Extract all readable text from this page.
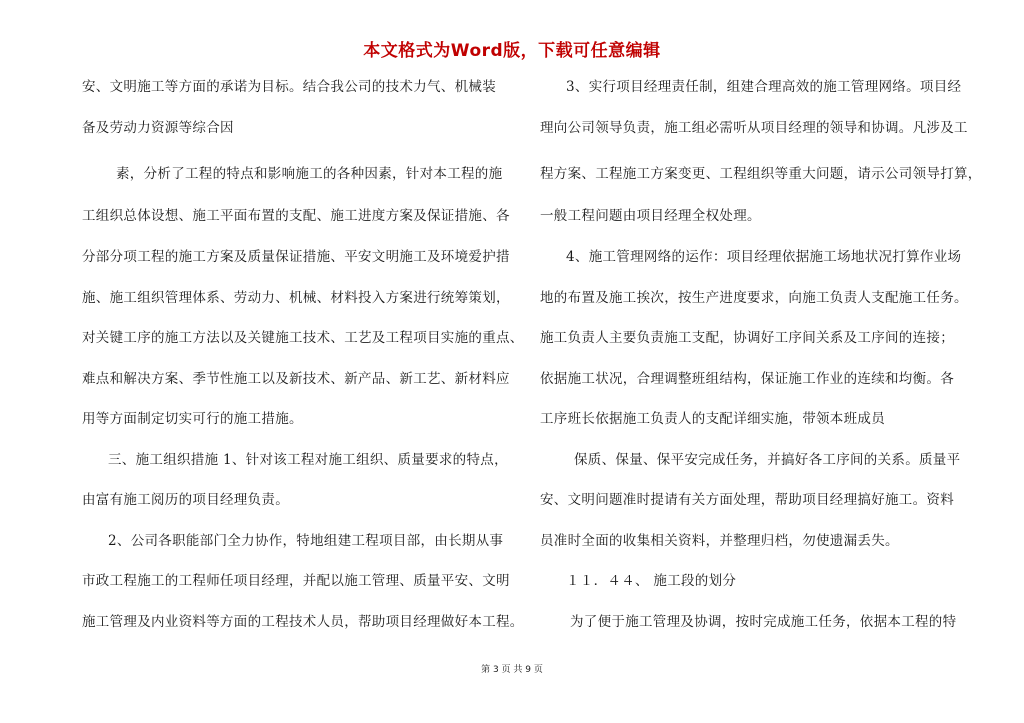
本文格式为Word版，下载可任意编辑
安、文明施工等方面的承诺为目标。结合我公司的技术力气、机械装
备及劳动力资源等综合因
素，分析了工程的特点和影响施工的各种因素，针对本工程的施
工组织总体设想、施工平面布置的支配、施工进度方案及保证措施、各
分部分项工程的施工方案及质量保证措施、平安文明施工及环境爱护措
施、施工组织管理体系、劳动力、机械、材料投入方案进行统筹策划，
对关键工序的施工方法以及关键施工技术、工艺及工程项目实施的重点、
难点和解决方案、季节性施工以及新技术、新产品、新工艺、新材料应
用等方面制定切实可行的施工措施。
三、施工组织措施 1、针对该工程对施工组织、质量要求的特点，
由富有施工阅历的项目经理负责。
2、公司各职能部门全力协作，特地组建工程项目部，由长期从事
市政工程施工的工程师任项目经理，并配以施工管理、质量平安、文明
施工管理及内业资料等方面的工程技术人员，帮助项目经理做好本工程。
3、实行项目经理责任制，组建合理高效的施工管理网络。项目经
理向公司领导负责，施工组必需听从项目经理的领导和协调。凡涉及工
程方案、工程施工方案变更、工程组织等重大问题，请示公司领导打算，
一般工程问题由项目经理全权处理。
4、施工管理网络的运作：项目经理依据施工场地状况打算作业场
地的布置及施工挨次，按生产进度要求，向施工负责人支配施工任务。
施工负责人主要负责施工支配，协调好工序间关系及工序间的连接；
依据施工状况，合理调整班组结构，保证施工作业的连续和均衡。各
工序班长依据施工负责人的支配详细实施，带领本班成员
保质、保量、保平安完成任务，并搞好各工序间的关系。质量平
安、文明问题准时提请有关方面处理，帮助项目经理搞好施工。资料
员准时全面的收集相关资料，并整理归档，勿使遗漏丢失。
１１．４４、 施工段的划分
为了便于施工管理及协调，按时完成施工任务，依据本工程的特
第 3 页 共 9 页
